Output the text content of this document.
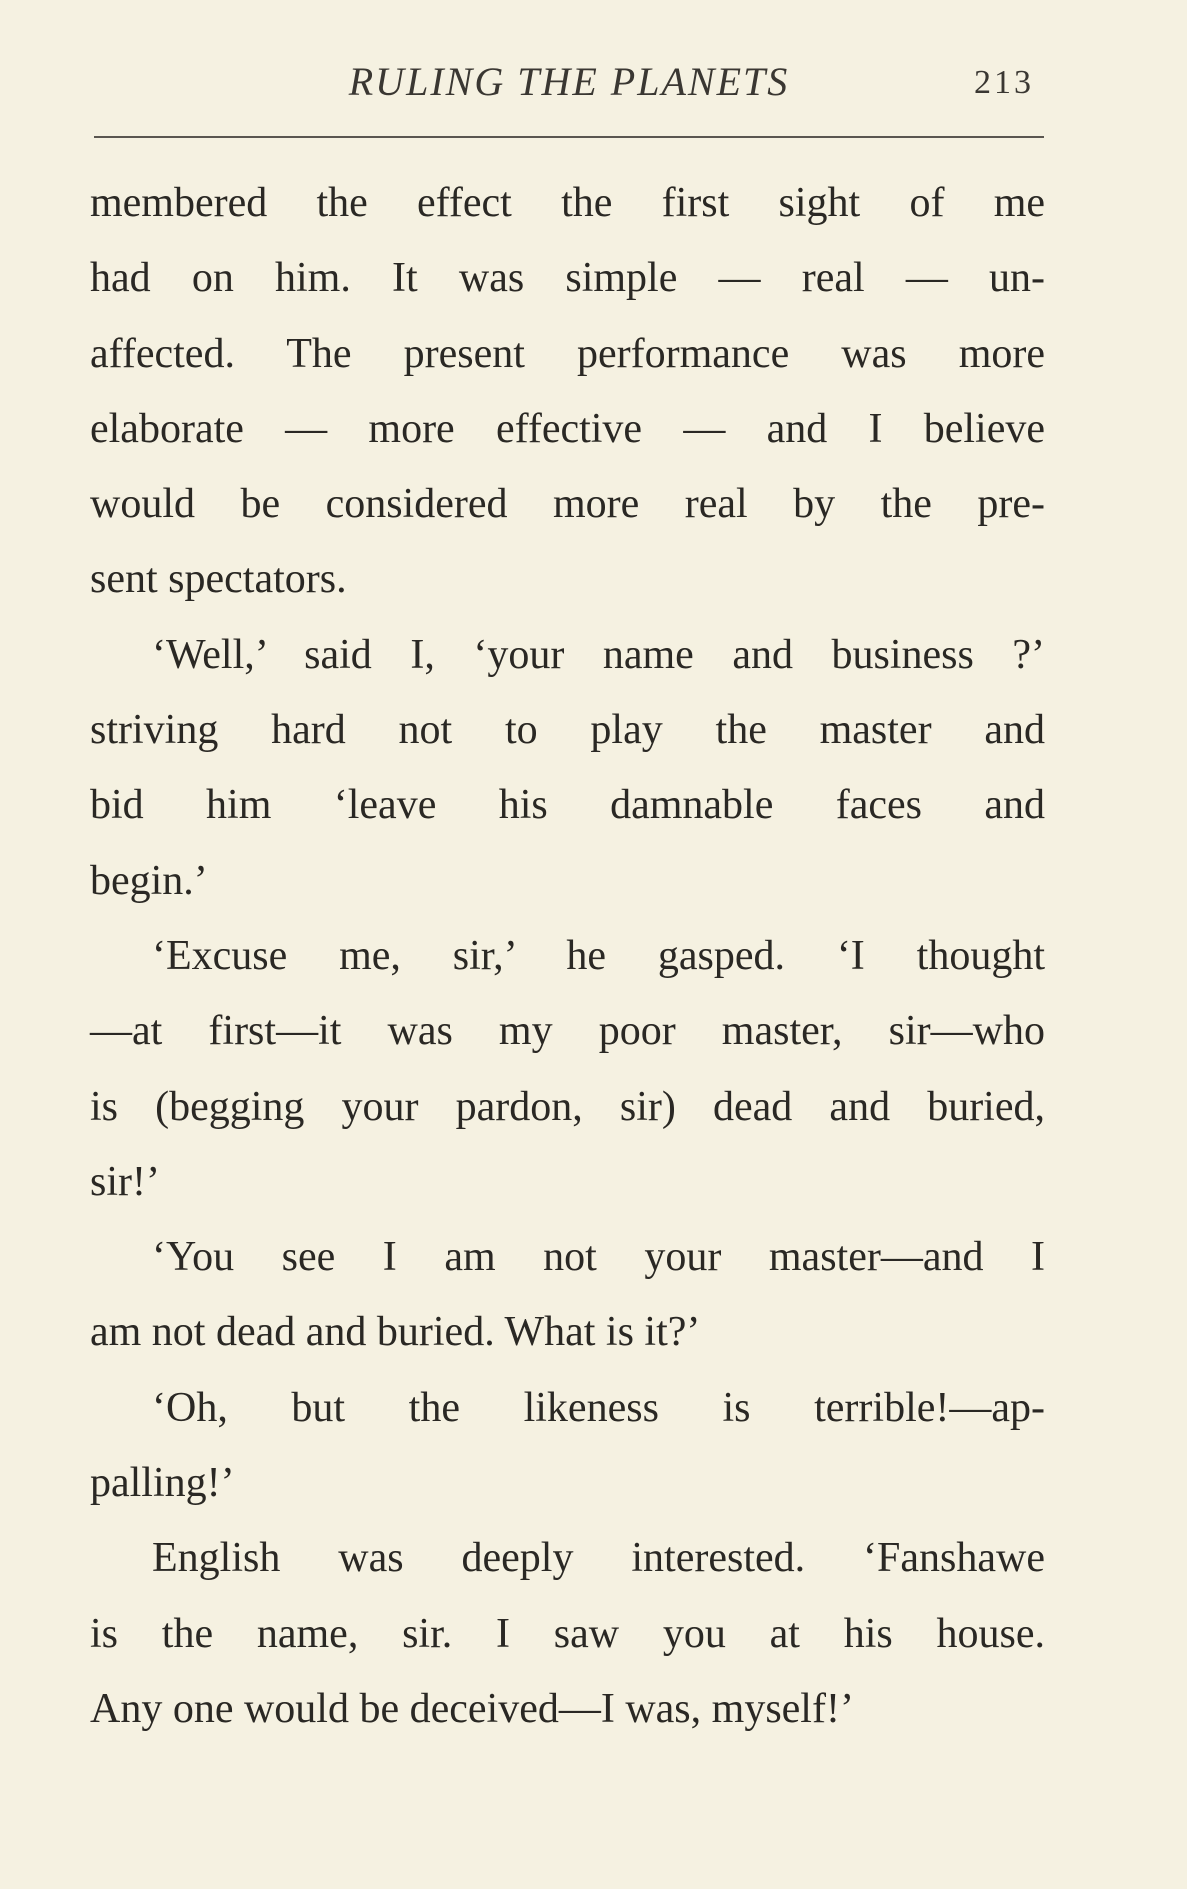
RULING THE PLANETS	213
membered the effect the first sight of me
had on him. It was simple — real — un-
affected. The present performance was more
elaborate — more effective — and I believe
would be considered more real by the pre-
sent spectators.
‘Well,’ said I, ‘your name and business ?’
striving hard not to play the master and
bid him ‘leave his damnable faces and
begin.’
‘Excuse me, sir,’ he gasped. ‘I thought
—at first—it was my poor master, sir—who
is (begging your pardon, sir) dead and buried,
sir!’
‘You see I am not your master—and I
am not dead and buried. What is it?’
‘Oh, but the likeness is terrible!—ap-
palling!’
English was deeply interested. ‘Fanshawe
is the name, sir. I saw you at his house.
Any one would be deceived—I was, myself!’
